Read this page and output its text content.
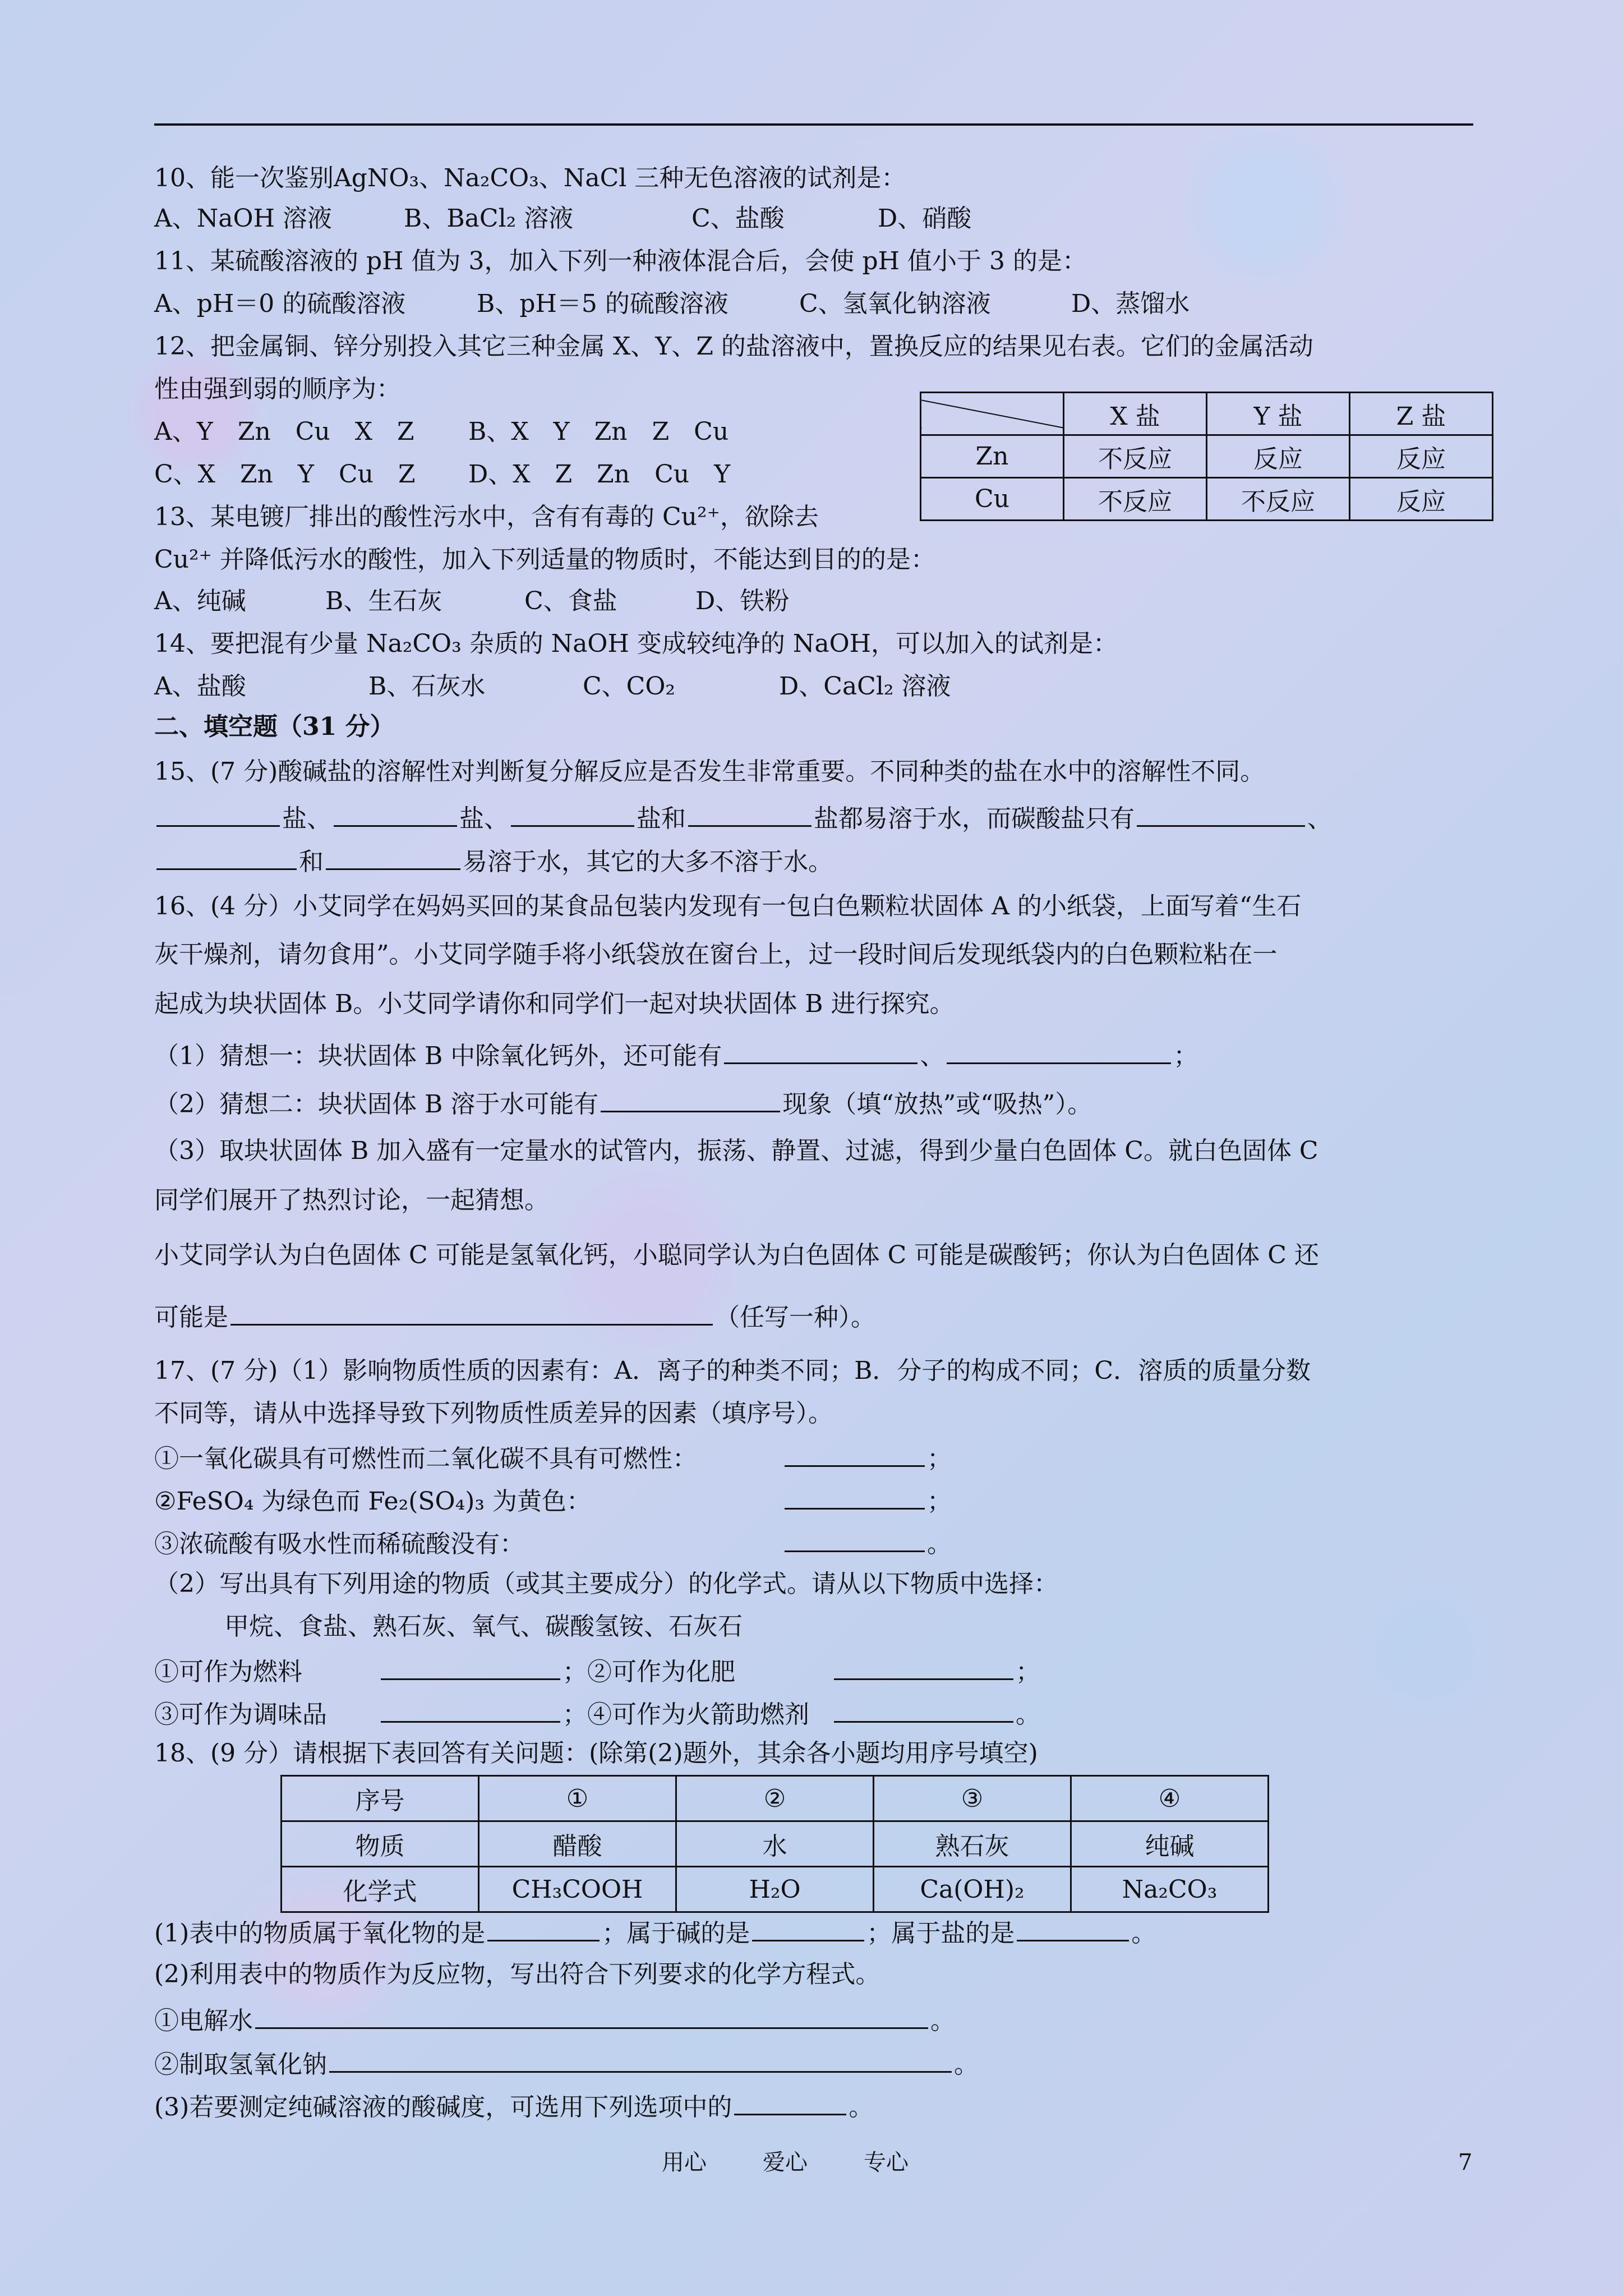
10、能一次鉴别AgNO₃、Na₂CO₃、NaCl 三种无色溶液的试剂是：
A、NaOH 溶液	B、BaCl₂ 溶液	C、盐酸	D、硝酸
11、某硫酸溶液的 pH 值为 3，加入下列一种液体混合后，会使 pH 值小于 3 的是：
A、pH＝0 的硫酸溶液	B、pH＝5 的硫酸溶液	C、氢氧化钠溶液	D、蒸馏水
12、把金属铜、锌分别投入其它三种金属 X、Y、Z 的盐溶液中，置换反应的结果见右表。它们的金属活动
性由强到弱的顺序为：
A、Y　Zn　Cu　X　Z B、X　Y　Zn　Z　Cu
C、X　Zn　Y　Cu　Z D、X　Z　Zn　Cu　Y
	X 盐	Y 盐	Z 盐
Zn	不反应	反应	反应
Cu	不反应	不反应	反应
13、某电镀厂排出的酸性污水中，含有有毒的 Cu²⁺，欲除去
Cu²⁺ 并降低污水的酸性，加入下列适量的物质时，不能达到目的的是：
A、纯碱	B、生石灰	C、食盐	D、铁粉
14、要把混有少量 Na₂CO₃ 杂质的 NaOH 变成较纯净的 NaOH，可以加入的试剂是：
A、盐酸	B、石灰水	C、CO₂	D、CaCl₂ 溶液
二、填空题（31 分）
15、(7 分)酸碱盐的溶解性对判断复分解反应是否发生非常重要。不同种类的盐在水中的溶解性不同。
盐、	盐、	盐和	盐都易溶于水，而碳酸盐只有	、
和	易溶于水，其它的大多不溶于水。
16、(4 分）小艾同学在妈妈买回的某食品包装内发现有一包白色颗粒状固体 A 的小纸袋，上面写着“生石
灰干燥剂，请勿食用”。小艾同学随手将小纸袋放在窗台上，过一段时间后发现纸袋内的白色颗粒粘在一
起成为块状固体 B。小艾同学请你和同学们一起对块状固体 B 进行探究。
（1）猜想一：块状固体 B 中除氧化钙外，还可能有	、	；
（2）猜想二：块状固体 B 溶于水可能有	现象（填“放热”或“吸热”）。
（3）取块状固体 B 加入盛有一定量水的试管内，振荡、静置、过滤，得到少量白色固体 C。就白色固体 C
同学们展开了热烈讨论，一起猜想。
小艾同学认为白色固体 C 可能是氢氧化钙，小聪同学认为白色固体 C 可能是碳酸钙；你认为白色固体 C 还
可能是	（任写一种）。
17、(7 分)（1）影响物质性质的因素有：A．离子的种类不同；B．分子的构成不同；C．溶质的质量分数
不同等，请从中选择导致下列物质性质差异的因素（填序号）。
①一氧化碳具有可燃性而二氧化碳不具有可燃性：	；
②FeSO₄ 为绿色而 Fe₂(SO₄)₃ 为黄色：	；
③浓硫酸有吸水性而稀硫酸没有：	。
（2）写出具有下列用途的物质（或其主要成分）的化学式。请从以下物质中选择：
甲烷、食盐、熟石灰、氧气、碳酸氢铵、石灰石
①可作为燃料	；②可作为化肥	；
③可作为调味品	；④可作为火箭助燃剂	。
18、(9 分）请根据下表回答有关问题：(除第(2)题外，其余各小题均用序号填空)
序号	①	②	③	④
物质	醋酸	水	熟石灰	纯碱
化学式	CH₃COOH	H₂O	Ca(OH)₂	Na₂CO₃
(1)表中的物质属于氧化物的是	；属于碱的是	；属于盐的是	。
(2)利用表中的物质作为反应物，写出符合下列要求的化学方程式。
①电解水	。
②制取氢氧化钠	。
(3)若要测定纯碱溶液的酸碱度，可选用下列选项中的	。
用心	爱心	专心	7
